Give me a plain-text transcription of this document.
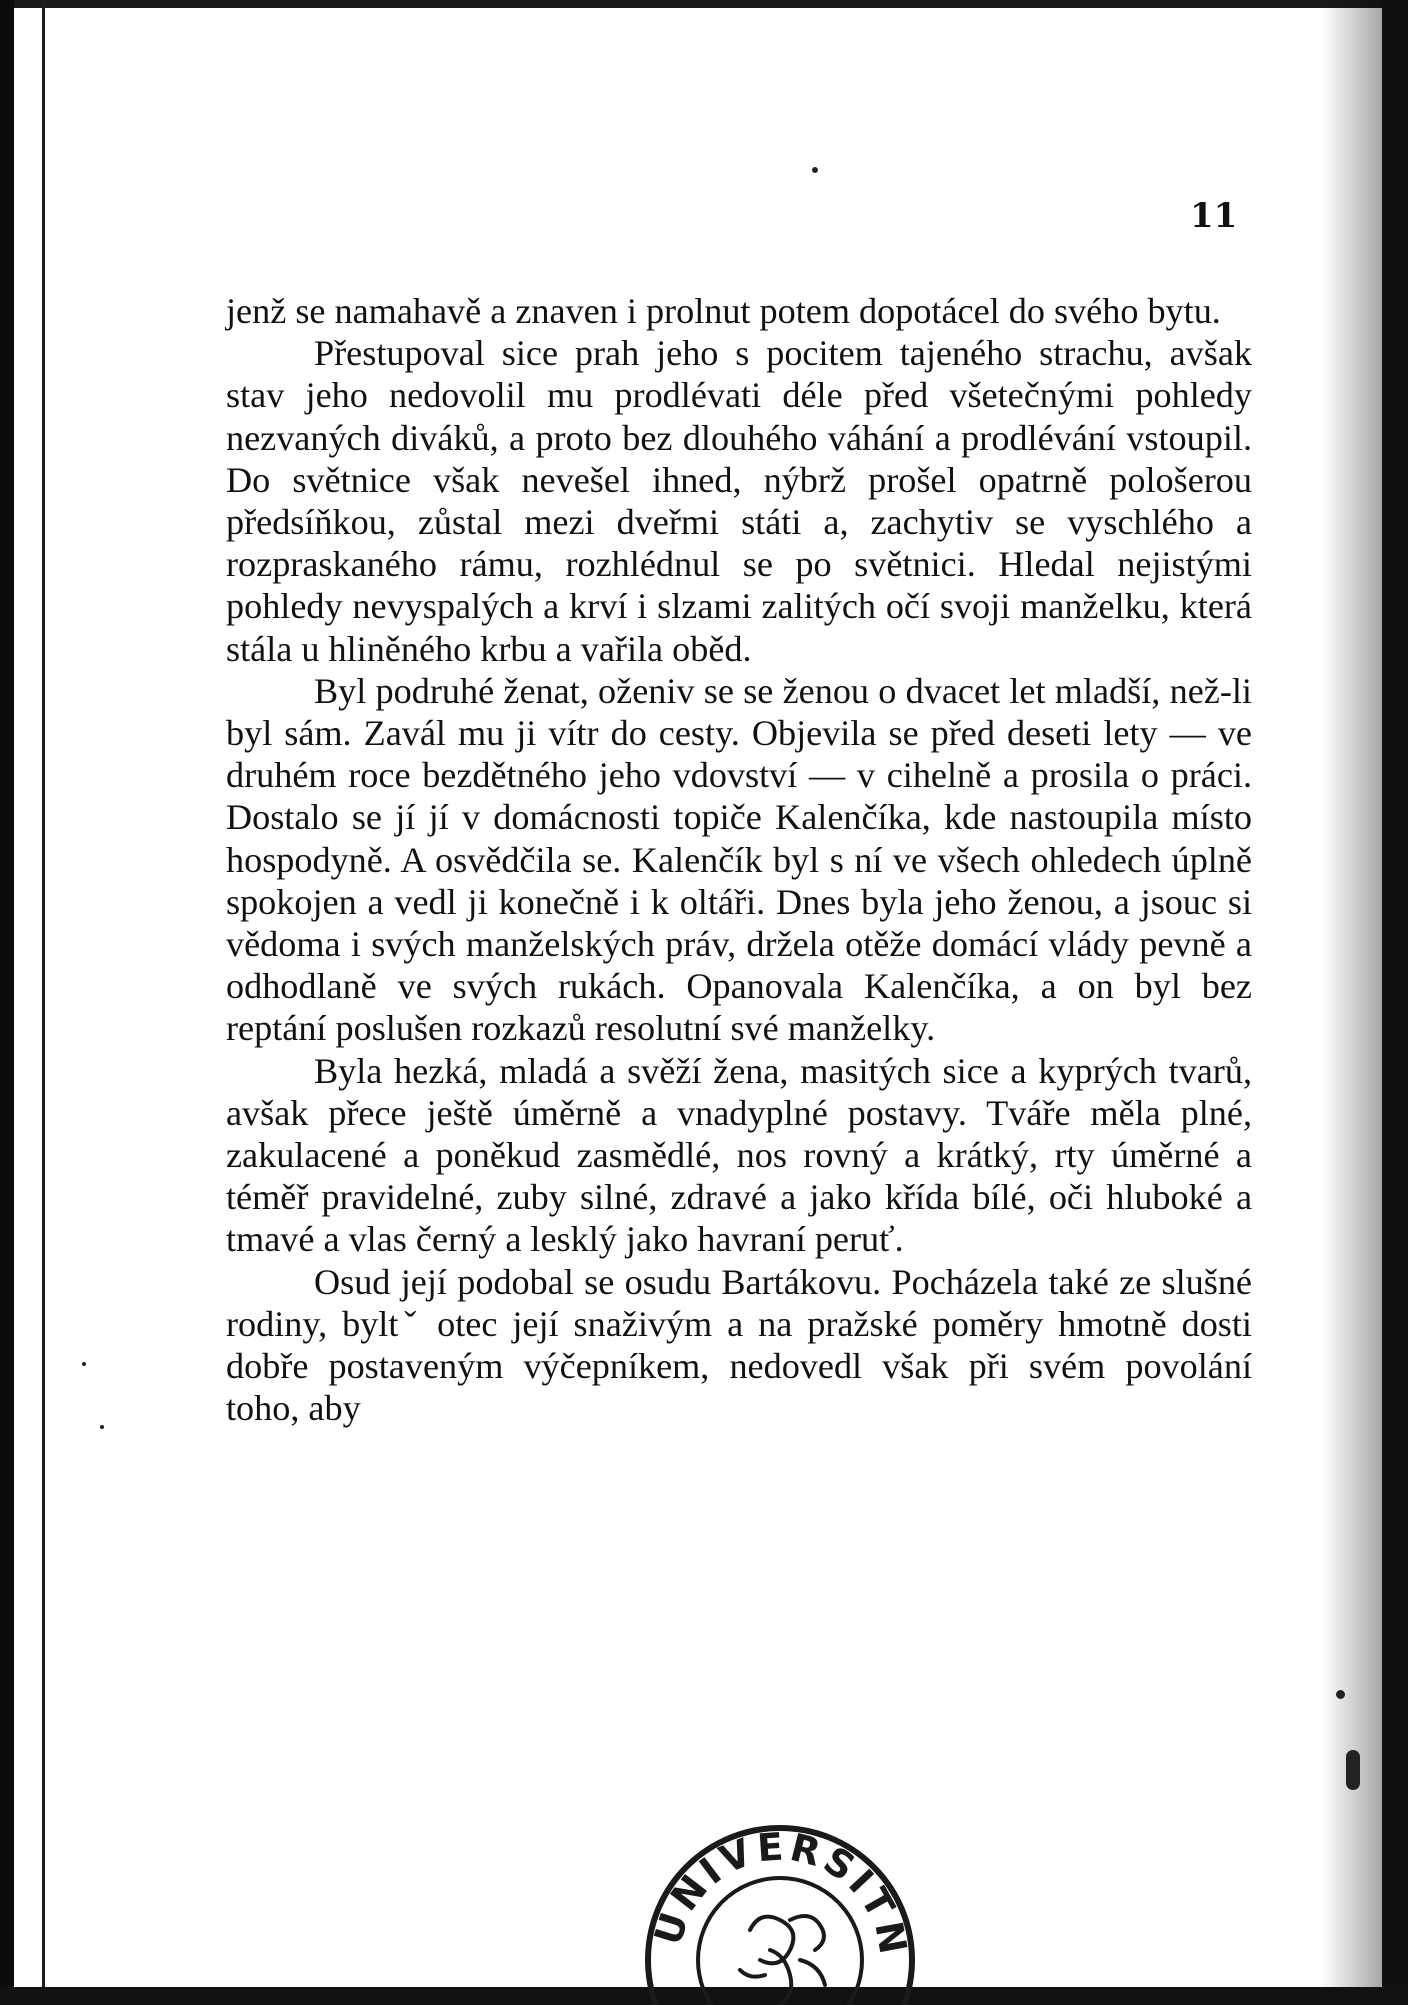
11

jenž se namahavě a znaven i prolnut potem dopotácel do svého bytu.

Přestupoval sice prah jeho s pocitem tajeného strachu, avšak stav jeho nedovolil mu prodlévati déle před všetečnými pohledy nezvaných diváků, a proto bez dlouhého váhání a prodlévání vstoupil. Do světnice však nevešel ihned, nýbrž prošel opatrně pološerou předsíňkou, zůstal mezi dveřmi státi a, zachytiv se vyschlého a rozpraskaného rámu, rozhlédnul se po světnici. Hledal nejistými pohledy nevyspalých a krví i slzami zalitých očí svoji manželku, která stála u hliněného krbu a vařila oběd.

Byl podruhé ženat, oženiv se se ženou o dvacet let mladší, než-li byl sám. Zavál mu ji vítr do cesty. Objevila se před deseti lety — ve druhém roce bezdětného jeho vdovství — v cihelně a prosila o práci. Dostalo se jí jí v domácnosti topiče Kalenčíka, kde nastoupila místo hospodyně. A osvědčila se. Kalenčík byl s ní ve všech ohledech úplně spokojen a vedl ji konečně i k oltáři. Dnes byla jeho ženou, a jsouc si vědoma i svých manželských práv, držela otěže domácí vlády pevně a odhodlaně ve svých rukách. Opanovala Kalenčíka, a on byl bez reptání poslušen rozkazů resolutní své manželky.

Byla hezká, mladá a svěží žena, masitých sice a kyprých tvarů, avšak přece ještě úměrně a vnadyplné postavy. Tváře měla plné, zakulacené a poněkud zasmědlé, nos rovný a krátký, rty úměrné a téměř pravidelné, zuby silné, zdravé a jako křída bílé, oči hluboké a tmavé a vlas černý a lesklý jako havraní peruť.

Osud její podobal se osudu Bartákovu. Pocházela také ze slušné rodiny, byltˇ otec její snaživým a na pražské poměry hmotně dosti dobře postaveným výčepníkem, nedovedl však při svém povolání toho, aby

UNIVERSITN
